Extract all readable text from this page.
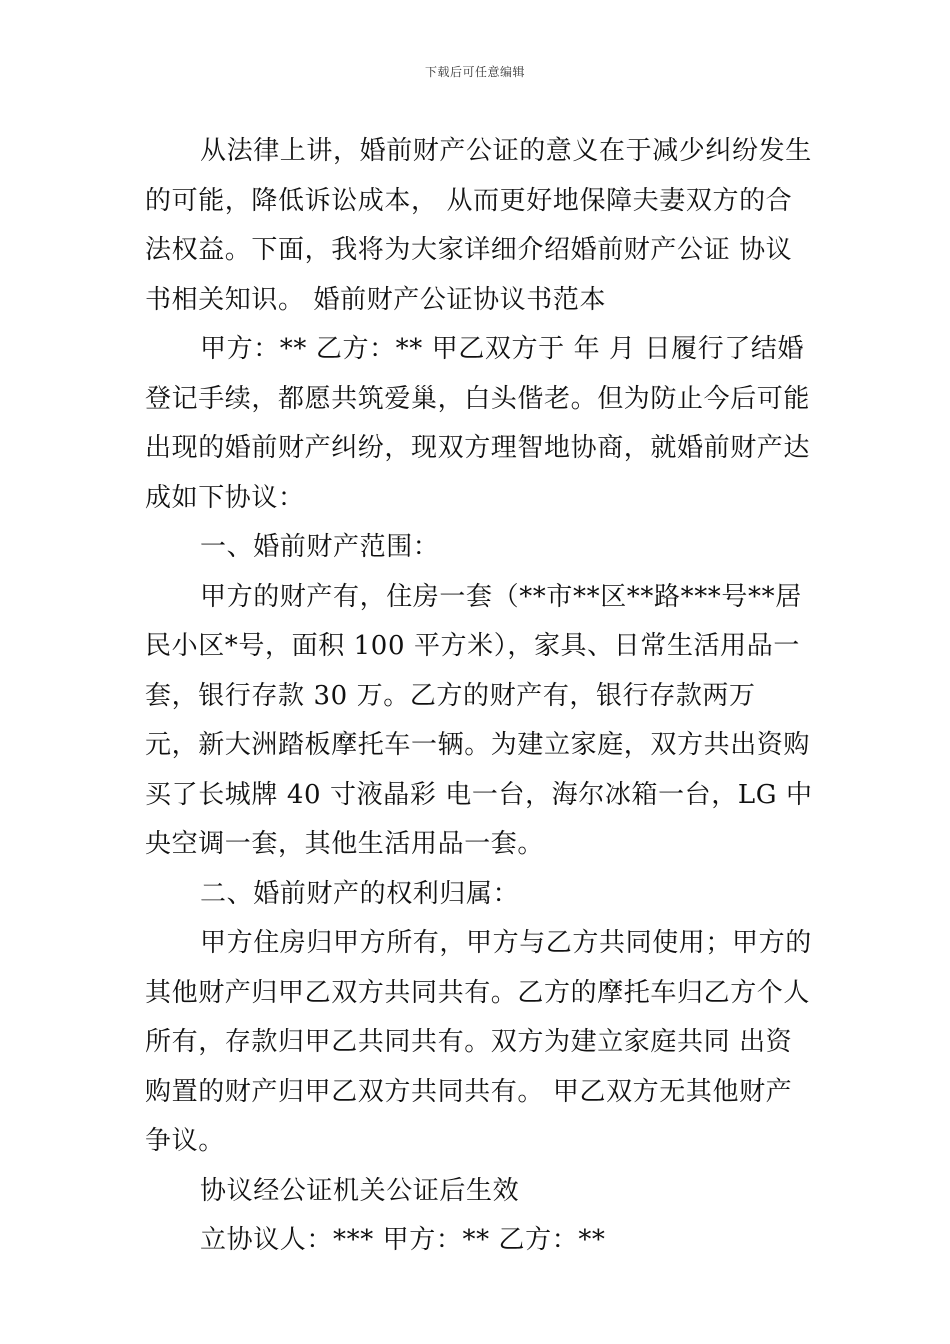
下载后可任意编辑

从法律上讲，婚前财产公证的意义在于减少纠纷发生的可能，降低诉讼成本， 从而更好地保障夫妻双方的合法权益。下面，我将为大家详细介绍婚前财产公证 协议书相关知识。 婚前财产公证协议书范本

甲方：** 乙方：** 甲乙双方于 年 月 日履行了结婚登记手续，都愿共筑爱巢，白头偕老。但为防止今后可能出现的婚前财产纠纷，现双方理智地协商，就婚前财产达成如下协议：

一、婚前财产范围：

甲方的财产有，住房一套（**市**区**路***号**居民小区*号，面积 100 平方米），家具、日常生活用品一套，银行存款 30 万。乙方的财产有，银行存款两万 元，新大洲踏板摩托车一辆。为建立家庭，双方共出资购买了长城牌 40 寸液晶彩 电一台，海尔冰箱一台，LG 中央空调一套，其他生活用品一套。

二、婚前财产的权利归属：

甲方住房归甲方所有，甲方与乙方共同使用；甲方的其他财产归甲乙双方共同共有。乙方的摩托车归乙方个人所有，存款归甲乙共同共有。双方为建立家庭共同 出资购置的财产归甲乙双方共同共有。 甲乙双方无其他财产争议。

协议经公证机关公证后生效

立协议人：*** 甲方：** 乙方：**
